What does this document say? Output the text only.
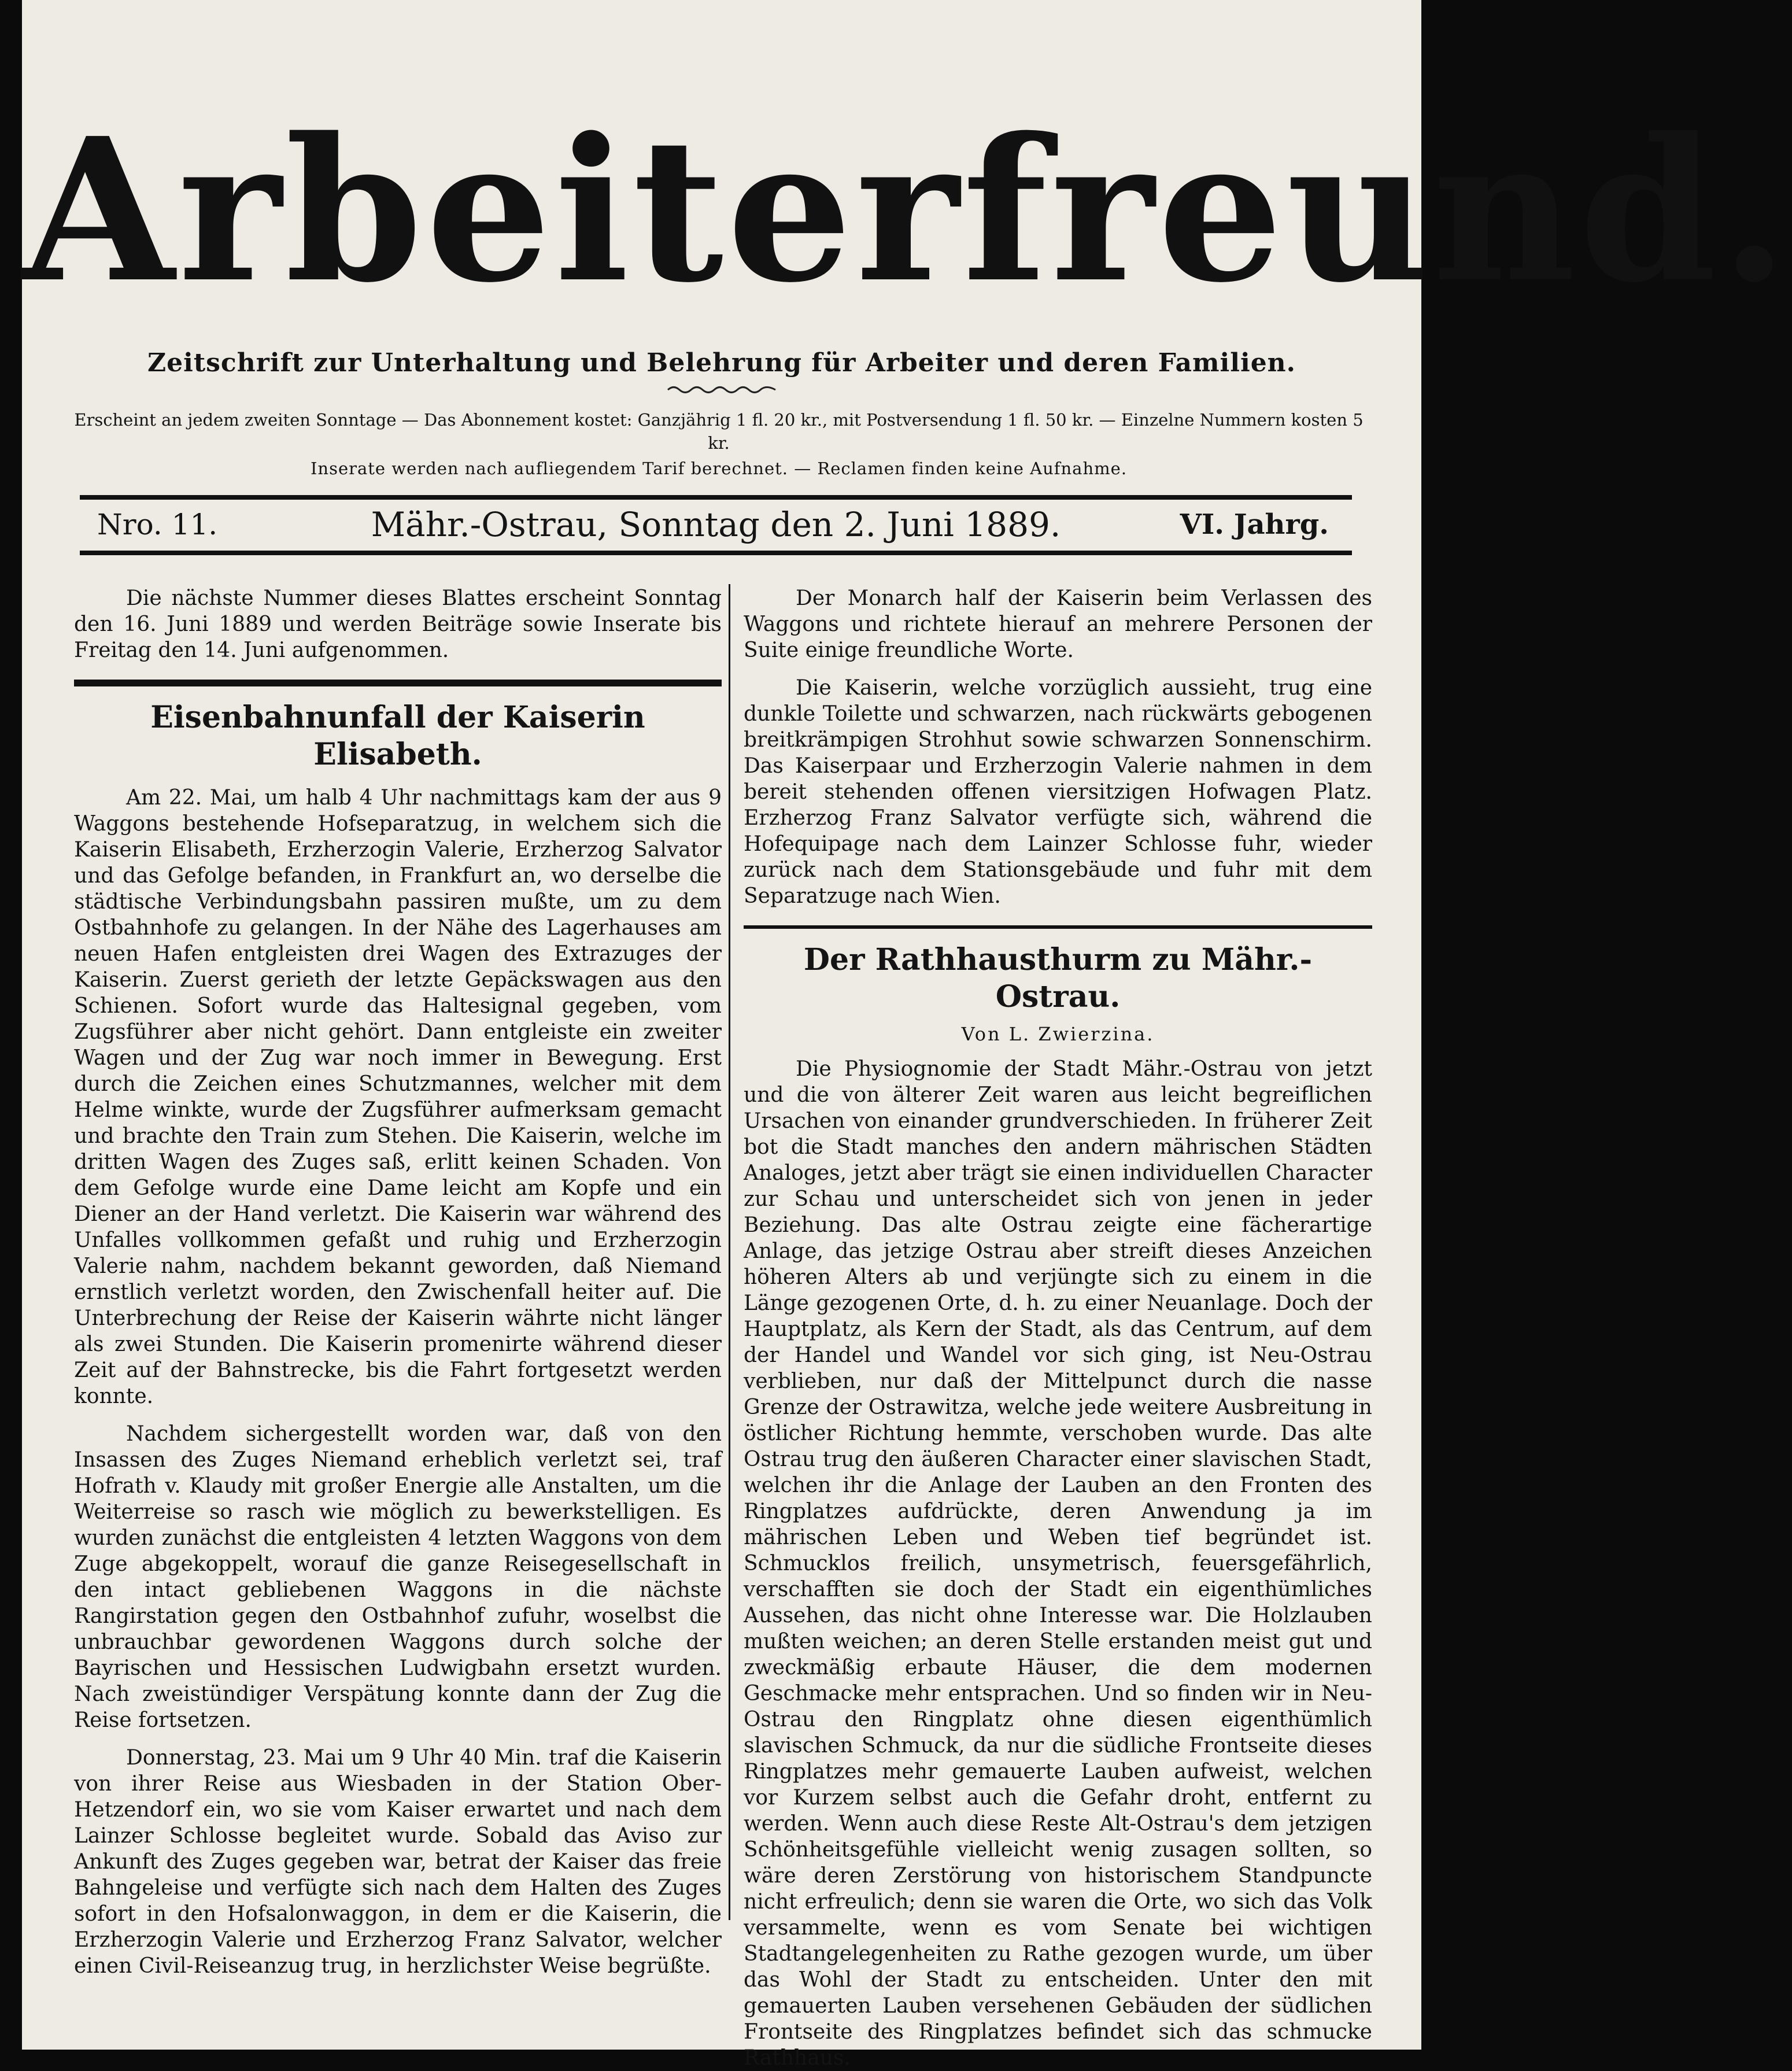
Arbeiterfreund.
Zeitschrift zur Unterhaltung und Belehrung für Arbeiter und deren Familien.
Erscheint an jedem zweiten Sonntage — Das Abonnement kostet: Ganzjährig 1 fl. 20 kr., mit Postversendung 1 fl. 50 kr. — Einzelne Nummern kosten 5 kr.
Inserate werden nach aufliegendem Tarif berechnet. — Reclamen finden keine Aufnahme.
Nro. 11.	Mähr.-Ostrau, Sonntag den 2. Juni 1889.	VI. Jahrg.

Die nächste Nummer dieses Blattes erscheint Sonntag den 16. Juni 1889 und werden Beiträge sowie Inserate bis Freitag den 14. Juni aufgenommen.

Eisenbahnunfall der Kaiserin Elisabeth.

Am 22. Mai, um halb 4 Uhr nachmittags kam der aus 9 Waggons bestehende Hofseparatzug, in welchem sich die Kaiserin Elisabeth, Erzherzogin Valerie, Erzherzog Salvator und das Gefolge befanden, in Frankfurt an, wo derselbe die städtische Verbindungsbahn passiren mußte, um zu dem Ostbahnhofe zu gelangen. In der Nähe des Lagerhauses am neuen Hafen entgleisten drei Wagen des Extrazuges der Kaiserin. Zuerst gerieth der letzte Gepäckswagen aus den Schienen. Sofort wurde das Haltesignal gegeben, vom Zugsführer aber nicht gehört. Dann entgleiste ein zweiter Wagen und der Zug war noch immer in Bewegung. Erst durch die Zeichen eines Schutzmannes, welcher mit dem Helme winkte, wurde der Zugsführer aufmerksam gemacht und brachte den Train zum Stehen. Die Kaiserin, welche im dritten Wagen des Zuges saß, erlitt keinen Schaden. Von dem Gefolge wurde eine Dame leicht am Kopfe und ein Diener an der Hand verletzt. Die Kaiserin war während des Unfalles vollkommen gefaßt und ruhig und Erzherzogin Valerie nahm, nachdem bekannt geworden, daß Niemand ernstlich verletzt worden, den Zwischenfall heiter auf. Die Unterbrechung der Reise der Kaiserin währte nicht länger als zwei Stunden. Die Kaiserin promenirte während dieser Zeit auf der Bahnstrecke, bis die Fahrt fortgesetzt werden konnte.

Nachdem sichergestellt worden war, daß von den Insassen des Zuges Niemand erheblich verletzt sei, traf Hofrath v. Klaudy mit großer Energie alle Anstalten, um die Weiterreise so rasch wie möglich zu bewerkstelligen. Es wurden zunächst die entgleisten 4 letzten Waggons von dem Zuge abgekoppelt, worauf die ganze Reisegesellschaft in den intact gebliebenen Waggons in die nächste Rangirstation gegen den Ostbahnhof zufuhr, woselbst die unbrauchbar gewordenen Waggons durch solche der Bayrischen und Hessischen Ludwigbahn ersetzt wurden. Nach zweistündiger Verspätung konnte dann der Zug die Reise fortsetzen.

Donnerstag, 23. Mai um 9 Uhr 40 Min. traf die Kaiserin von ihrer Reise aus Wiesbaden in der Station Ober-Hetzendorf ein, wo sie vom Kaiser erwartet und nach dem Lainzer Schlosse begleitet wurde. Sobald das Aviso zur Ankunft des Zuges gegeben war, betrat der Kaiser das freie Bahngeleise und verfügte sich nach dem Halten des Zuges sofort in den Hofsalonwaggon, in dem er die Kaiserin, die Erzherzogin Valerie und Erzherzog Franz Salvator, welcher einen Civil-Reiseanzug trug, in herzlichster Weise begrüßte.

Der Monarch half der Kaiserin beim Verlassen des Waggons und richtete hierauf an mehrere Personen der Suite einige freundliche Worte.

Die Kaiserin, welche vorzüglich aussieht, trug eine dunkle Toilette und schwarzen, nach rückwärts gebogenen breitkrämpigen Strohhut sowie schwarzen Sonnenschirm. Das Kaiserpaar und Erzherzogin Valerie nahmen in dem bereit stehenden offenen viersitzigen Hofwagen Platz. Erzherzog Franz Salvator verfügte sich, während die Hofequipage nach dem Lainzer Schlosse fuhr, wieder zurück nach dem Stationsgebäude und fuhr mit dem Separatzuge nach Wien.

Der Rathhausthurm zu Mähr.-Ostrau.
Von L. Zwierzina.

Die Physiognomie der Stadt Mähr.-Ostrau von jetzt und die von älterer Zeit waren aus leicht begreiflichen Ursachen von einander grundverschieden. In früherer Zeit bot die Stadt manches den andern mährischen Städten Analoges, jetzt aber trägt sie einen individuellen Character zur Schau und unterscheidet sich von jenen in jeder Beziehung. Das alte Ostrau zeigte eine fächerartige Anlage, das jetzige Ostrau aber streift dieses Anzeichen höheren Alters ab und verjüngte sich zu einem in die Länge gezogenen Orte, d. h. zu einer Neuanlage. Doch der Hauptplatz, als Kern der Stadt, als das Centrum, auf dem der Handel und Wandel vor sich ging, ist Neu-Ostrau verblieben, nur daß der Mittelpunct durch die nasse Grenze der Ostrawitza, welche jede weitere Ausbreitung in östlicher Richtung hemmte, verschoben wurde. Das alte Ostrau trug den äußeren Character einer slavischen Stadt, welchen ihr die Anlage der Lauben an den Fronten des Ringplatzes aufdrückte, deren Anwendung ja im mährischen Leben und Weben tief begründet ist. Schmucklos freilich, unsymetrisch, feuersgefährlich, verschafften sie doch der Stadt ein eigenthümliches Aussehen, das nicht ohne Interesse war. Die Holzlauben mußten weichen; an deren Stelle erstanden meist gut und zweckmäßig erbaute Häuser, die dem modernen Geschmacke mehr entsprachen. Und so finden wir in Neu-Ostrau den Ringplatz ohne diesen eigenthümlich slavischen Schmuck, da nur die südliche Frontseite dieses Ringplatzes mehr gemauerte Lauben aufweist, welchen vor Kurzem selbst auch die Gefahr droht, entfernt zu werden. Wenn auch diese Reste Alt-Ostrau's dem jetzigen Schönheitsgefühle vielleicht wenig zusagen sollten, so wäre deren Zerstörung von historischem Standpuncte nicht erfreulich; denn sie waren die Orte, wo sich das Volk versammelte, wenn es vom Senate bei wichtigen Stadtangelegenheiten zu Rathe gezogen wurde, um über das Wohl der Stadt zu entscheiden. Unter den mit gemauerten Lauben versehenen Gebäuden der südlichen Frontseite des Ringplatzes befindet sich das schmucke Rathhaus.
